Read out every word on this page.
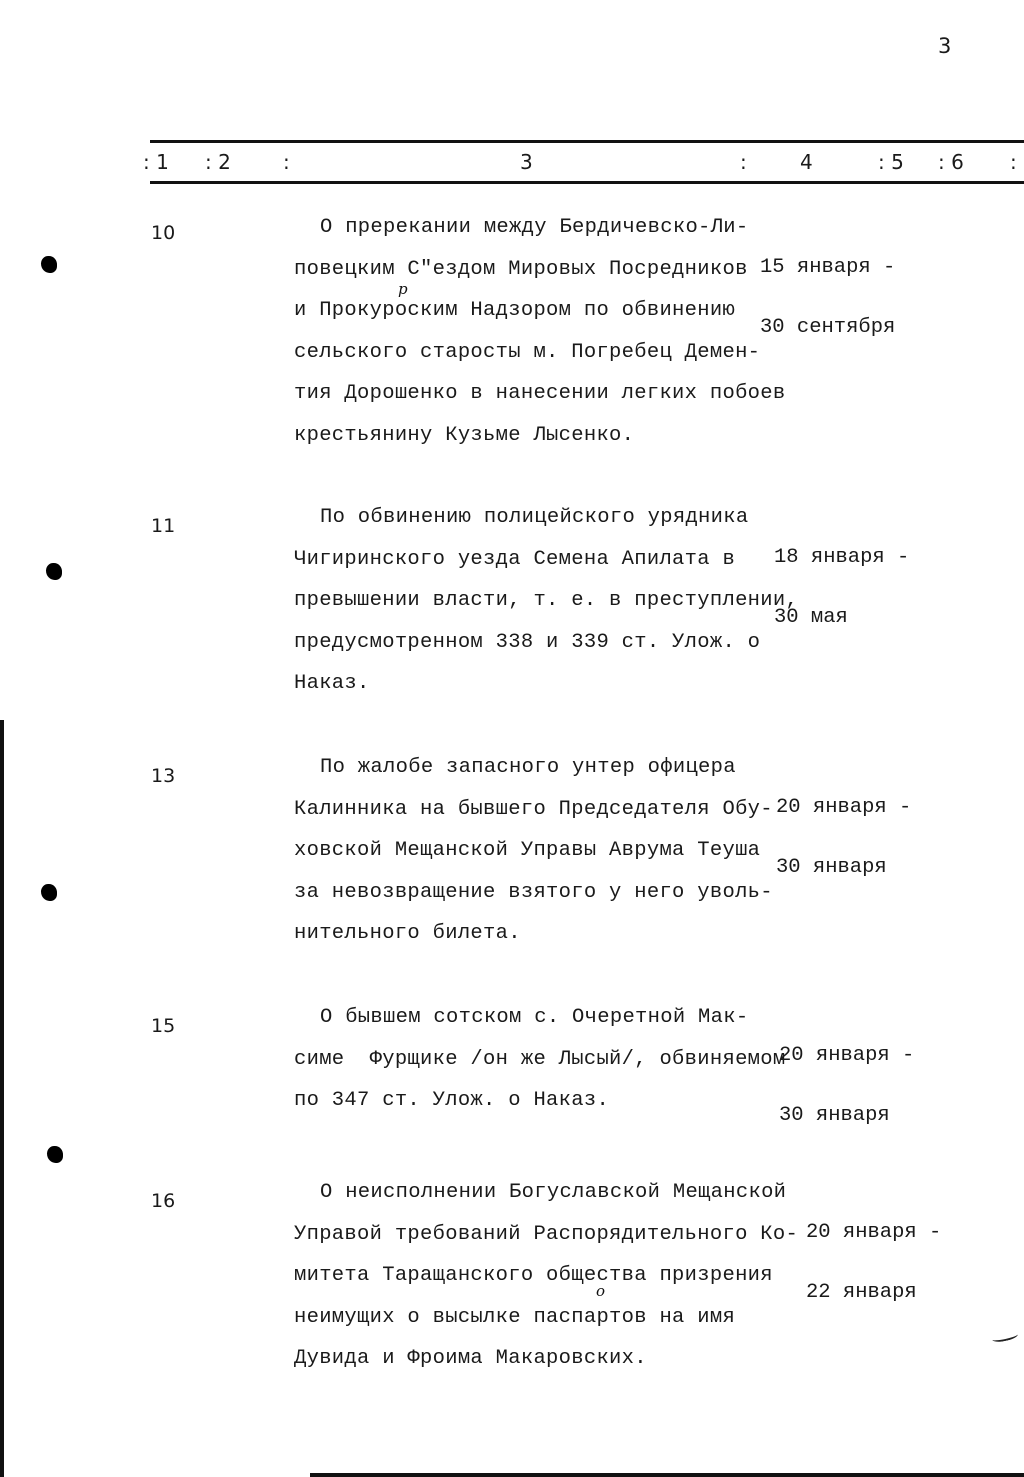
3
: 1 : 2	:	3	:	4	: 5 : 6 :
10	О пререкании между Бердичевско-Ли-
повецким С"ездом Мировых Посредников
и Прокуроским Надзором по обвинению
сельского старосты м. Погребец Демен-
тия Дорошенко в нанесении легких побоев
крестьянину Кузьме Лысенко.

15 января -

30 сентября

р
11	По обвинению полицейского урядника
Чигиринского уезда Семена Апилата в
превышении власти, т. е. в преступлении,
предусмотренном 338 и 339 ст. Улож. о
Наказ.

18 января -

30 мая

13	По жалобе запасного унтер офицера
Калинника на бывшего Председателя Обу-
ховской Мещанской Управы Аврума Теуша
за невозвращение взятого у него уволь-
нительного билета.

20 января -

30 января

15	О бывшем сотском с. Очеретной Мак-
симе  Фурщике /он же Лысый/, обвиняемом
по 347 ст. Улож. о Наказ.

20 января -

30 января

16	О неисполнении Богуславской Мещанской
Управой требований Распорядительного Ко-
митета Таращанского общества призрения
неимущих о высылке паспартов на имя
Дувида и Фроима Макаровских.

20 января -

22 января

о
